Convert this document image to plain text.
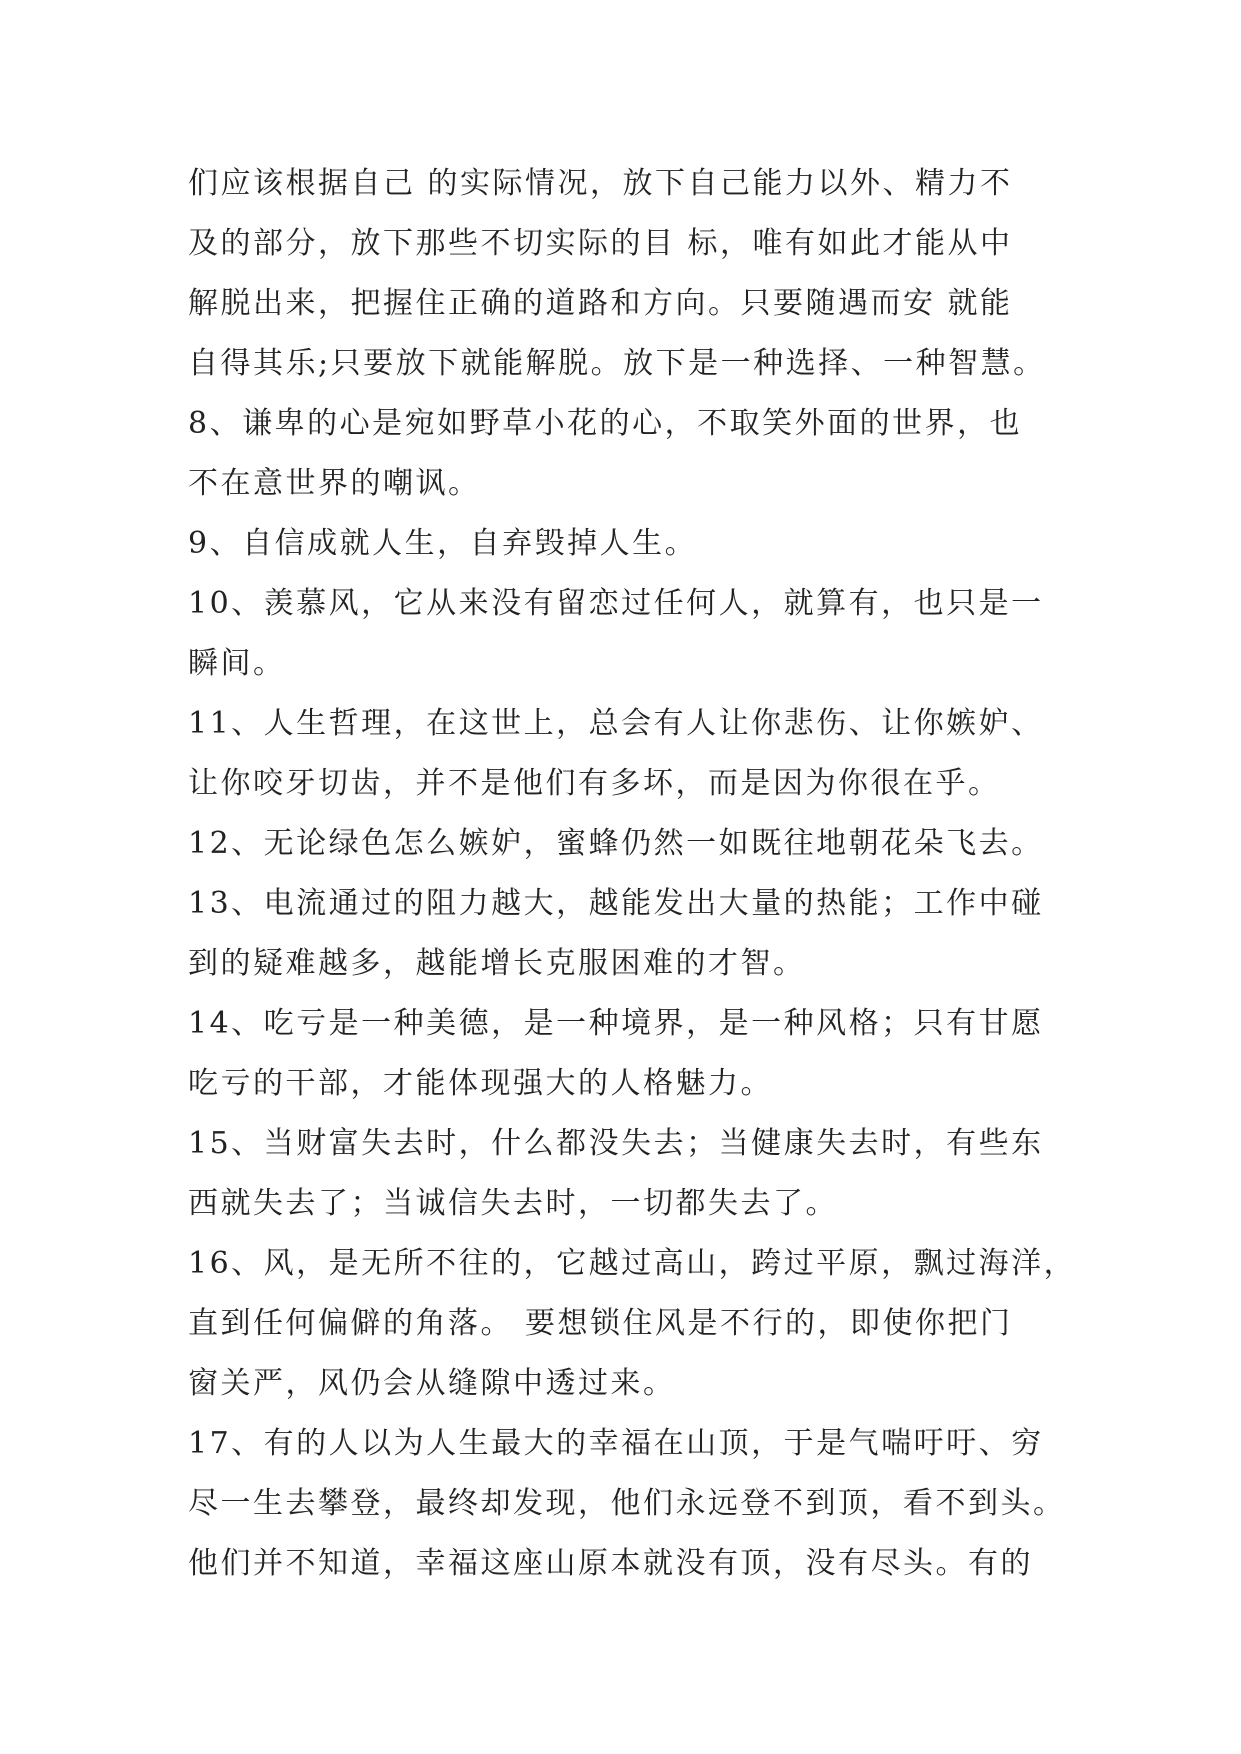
们应该根据自己 的实际情况，放下自己能力以外、精力不
及的部分，放下那些不切实际的目 标，唯有如此才能从中
解脱出来，把握住正确的道路和方向。只要随遇而安 就能
自得其乐;只要放下就能解脱。放下是一种选择、一种智慧。
8、谦卑的心是宛如野草小花的心，不取笑外面的世界，也
不在意世界的嘲讽。
9、自信成就人生，自弃毁掉人生。
10、羡慕风，它从来没有留恋过任何人，就算有，也只是一
瞬间。
11、人生哲理，在这世上，总会有人让你悲伤、让你嫉妒、
让你咬牙切齿，并不是他们有多坏，而是因为你很在乎。
12、无论绿色怎么嫉妒，蜜蜂仍然一如既往地朝花朵飞去。
13、电流通过的阻力越大，越能发出大量的热能；工作中碰
到的疑难越多，越能增长克服困难的才智。
14、吃亏是一种美德，是一种境界，是一种风格；只有甘愿
吃亏的干部，才能体现强大的人格魅力。
15、当财富失去时，什么都没失去；当健康失去时，有些东
西就失去了；当诚信失去时，一切都失去了。
16、风，是无所不往的，它越过高山，跨过平原，飘过海洋，
直到任何偏僻的角落。 要想锁住风是不行的，即使你把门
窗关严，风仍会从缝隙中透过来。
17、有的人以为人生最大的幸福在山顶，于是气喘吁吁、穷
尽一生去攀登，最终却发现，他们永远登不到顶，看不到头。
他们并不知道，幸福这座山原本就没有顶，没有尽头。有的
